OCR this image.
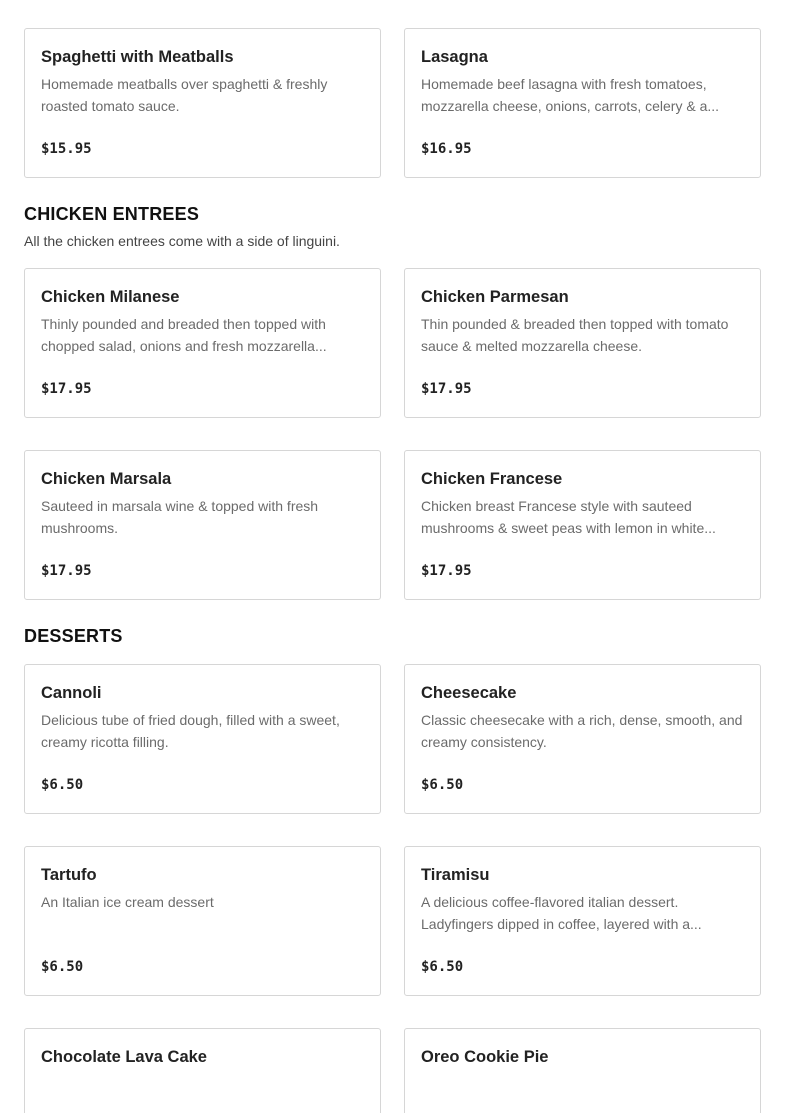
Spaghetti with Meatballs
Homemade meatballs over spaghetti & freshly roasted tomato sauce.
$15.95
Lasagna
Homemade beef lasagna with fresh tomatoes, mozzarella cheese, onions, carrots, celery & a...
$16.95
CHICKEN ENTREES

All the chicken entrees come with a side of linguini.

Chicken Milanese
Thinly pounded and breaded then topped with chopped salad, onions and fresh mozzarella...
$17.95
Chicken Parmesan
Thin pounded & breaded then topped with tomato sauce & melted mozzarella cheese.
$17.95
Chicken Marsala
Sauteed in marsala wine & topped with fresh mushrooms.
$17.95
Chicken Francese
Chicken breast Francese style with sauteed mushrooms & sweet peas with lemon in white...
$17.95
DESSERTS
Cannoli
Delicious tube of fried dough, filled with a sweet, creamy ricotta filling.
$6.50
Cheesecake
Classic cheesecake with a rich, dense, smooth, and creamy consistency.
$6.50
Tartufo
An Italian ice cream dessert
$6.50
Tiramisu
A delicious coffee-flavored italian dessert. Ladyfingers dipped in coffee, layered with a...
$6.50
Chocolate Lava Cake	Oreo Cookie Pie
